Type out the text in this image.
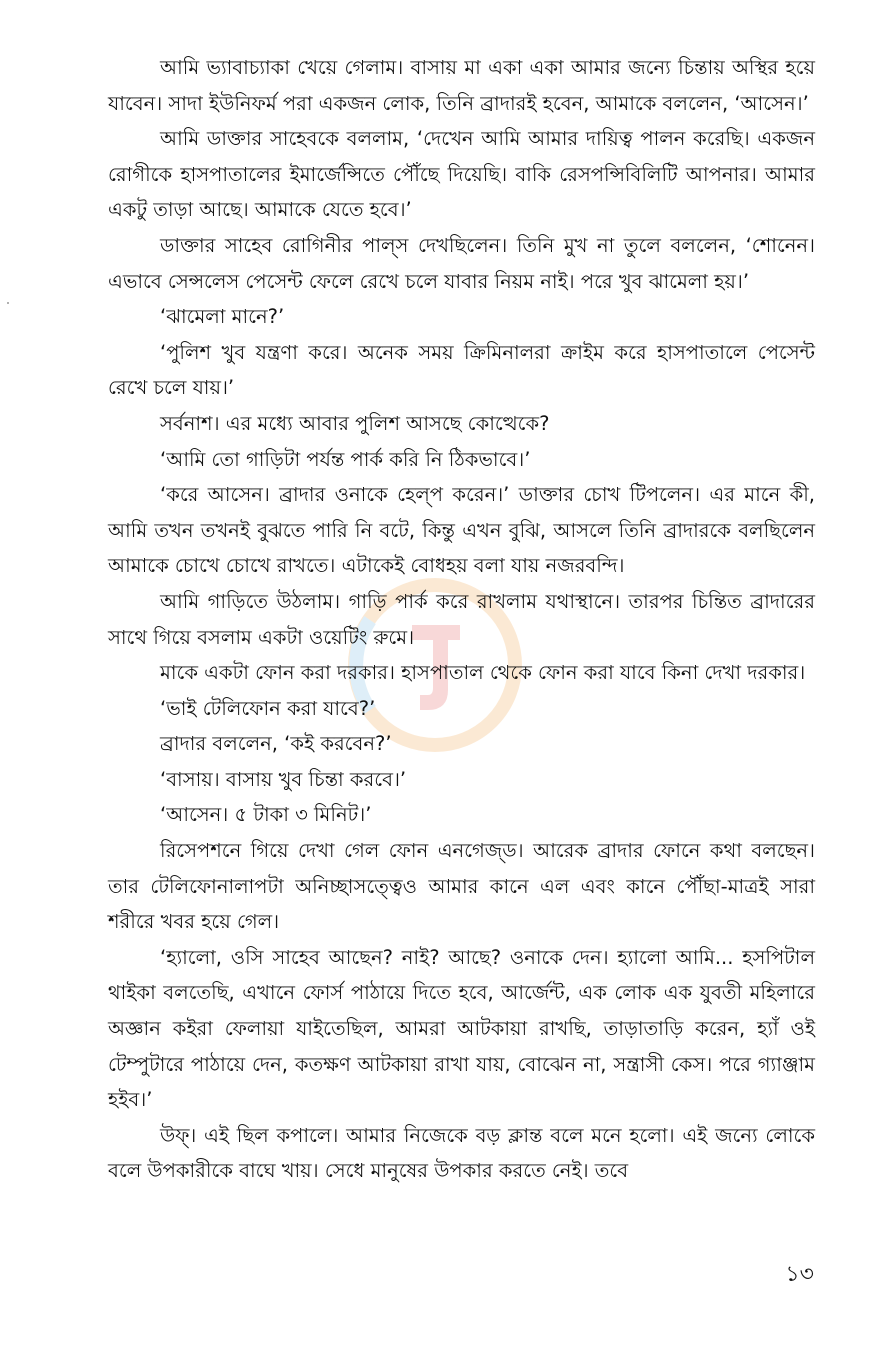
আমি ভ্যাবাচ্যাকা খেয়ে গেলাম। বাসায় মা একা একা আমার জন্যে চিন্তায় অস্থির হয়ে যাবেন। সাদা ইউনিফর্ম পরা একজন লোক, তিনি ব্রাদারই হবেন, আমাকে বললেন, ‘আসেন।’

আমি ডাক্তার সাহেবকে বললাম, ‘দেখেন আমি আমার দায়িত্ব পালন করেছি। একজন রোগীকে হাসপাতালের ইমার্জেন্সিতে পৌঁছে দিয়েছি। বাকি রেসপন্সিবিলিটি আপনার। আমার একটু তাড়া আছে। আমাকে যেতে হবে।’

ডাক্তার সাহেব রোগিনীর পাল্‌স দেখছিলেন। তিনি মুখ না তুলে বললেন, ‘শোনেন। এভাবে সেন্সলেস পেসেন্ট ফেলে রেখে চলে যাবার নিয়ম নাই। পরে খুব ঝামেলা হয়।’

‘ঝামেলা মানে?’

‘পুলিশ খুব যন্ত্রণা করে। অনেক সময় ক্রিমিনালরা ক্রাইম করে হাসপাতালে পেসেন্ট রেখে চলে যায়।’

সর্বনাশ। এর মধ্যে আবার পুলিশ আসছে কোত্থেকে?

‘আমি তো গাড়িটা পর্যন্ত পার্ক করি নি ঠিকভাবে।’

‘করে আসেন। ব্রাদার ওনাকে হেল্‌প করেন।’ ডাক্তার চোখ টিপলেন। এর মানে কী, আমি তখন তখনই বুঝতে পারি নি বটে, কিন্তু এখন বুঝি, আসলে তিনি ব্রাদারকে বলছিলেন আমাকে চোখে চোখে রাখতে। এটাকেই বোধহয় বলা যায় নজরবন্দি।

আমি গাড়িতে উঠলাম। গাড়ি পার্ক করে রাখলাম যথাস্থানে। তারপর চিন্তিত ব্রাদারের সাথে গিয়ে বসলাম একটা ওয়েটিং রুমে।

মাকে একটা ফোন করা দরকার। হাসপাতাল থেকে ফোন করা যাবে কিনা দেখা দরকার।

‘ভাই টেলিফোন করা যাবে?’

ব্রাদার বললেন, ‘কই করবেন?’

‘বাসায়। বাসায় খুব চিন্তা করবে।’

‘আসেন। ৫ টাকা ৩ মিনিট।’

রিসেপশনে গিয়ে দেখা গেল ফোন এনগেজ্‌ড। আরেক ব্রাদার ফোনে কথা বলছেন। তার টেলিফোনালাপটা অনিচ্ছাসত্ত্বেও আমার কানে এল এবং কানে পৌঁছা-মাত্রই সারা শরীরে খবর হয়ে গেল।

‘হ্যালো, ওসি সাহেব আছেন? নাই? আছে? ওনাকে দেন। হ্যালো আমি... হসপিটাল থাইকা বলতেছি, এখানে ফোর্স পাঠায়ে দিতে হবে, আর্জেন্ট, এক লোক এক যুবতী মহিলারে অজ্ঞান কইরা ফেলায়া যাইতেছিল, আমরা আটকায়া রাখছি, তাড়াতাড়ি করেন, হ্যাঁ ওই টেম্পুটারে পাঠায়ে দেন, কতক্ষণ আটকায়া রাখা যায়, বোঝেন না, সন্ত্রাসী কেস। পরে গ্যাঞ্জাম হইব।’

উফ্‌। এই ছিল কপালে। আমার নিজেকে বড় ক্লান্ত বলে মনে হলো। এই জন্যে লোকে বলে উপকারীকে বাঘে খায়। সেধে মানুষের উপকার করতে নেই। তবে

১৩
